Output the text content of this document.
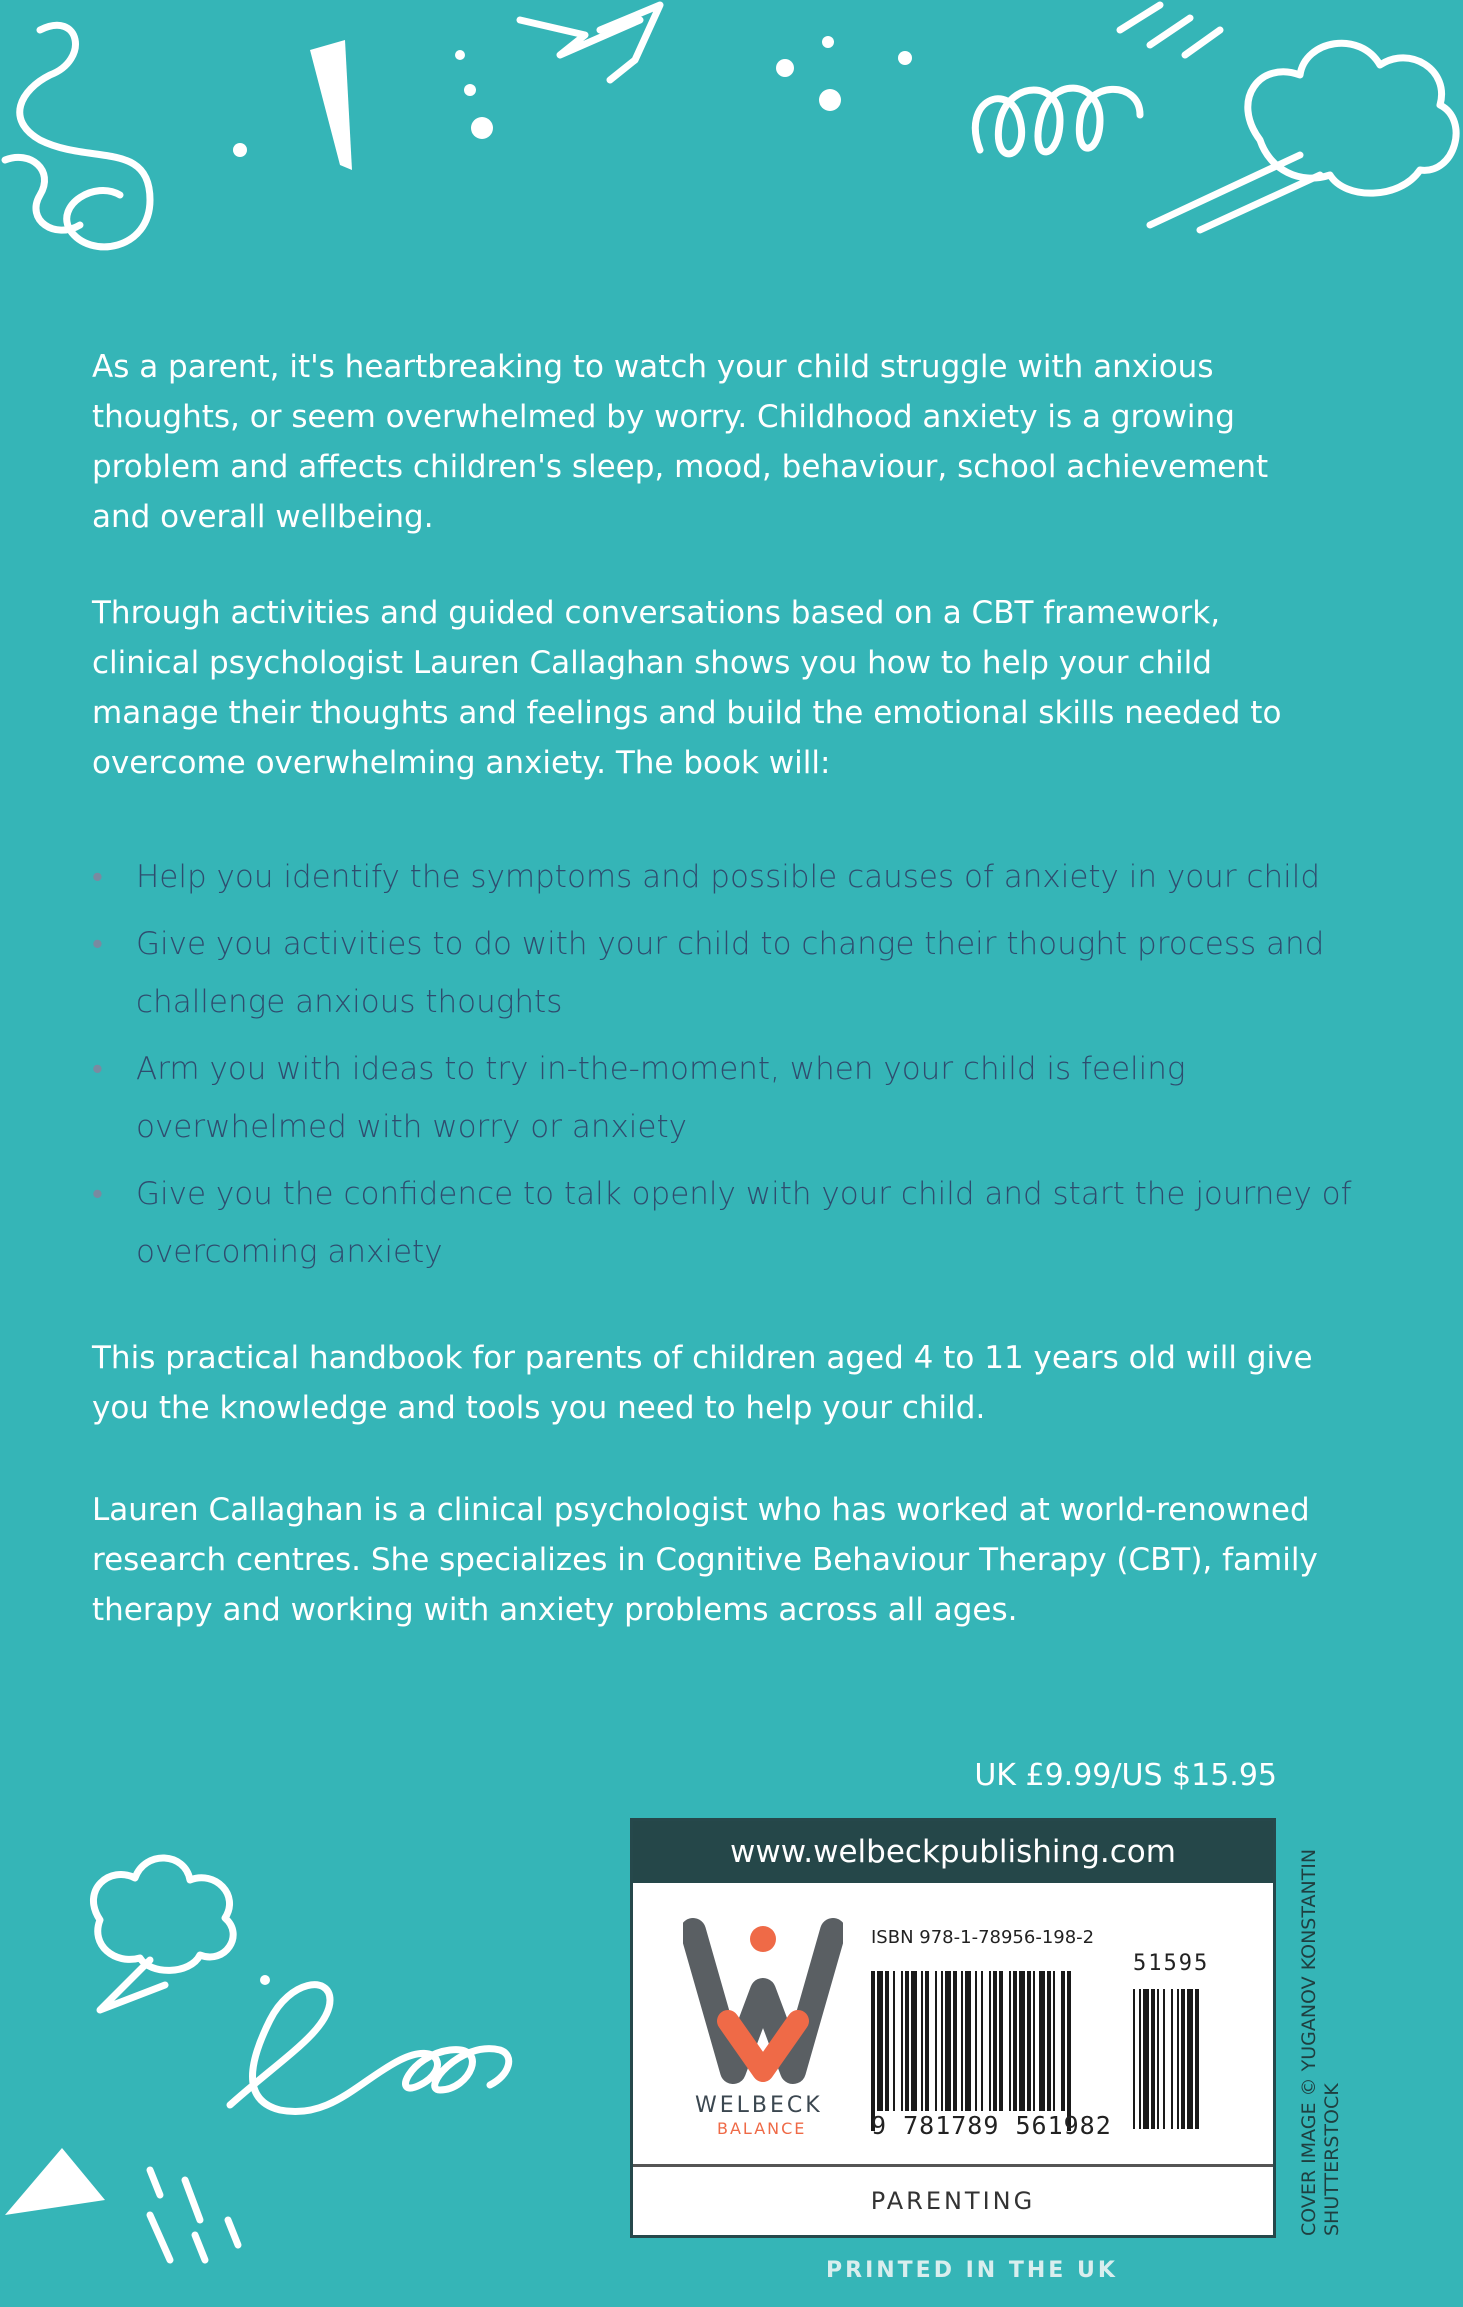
As a parent, it's heartbreaking to watch your child struggle with anxious thoughts, or seem overwhelmed by worry. Childhood anxiety is a growing problem and affects children's sleep, mood, behaviour, school achievement and overall wellbeing.

Through activities and guided conversations based on a CBT framework, clinical psychologist Lauren Callaghan shows you how to help your child manage their thoughts and feelings and build the emotional skills needed to overcome overwhelming anxiety. The book will:

• Help you identify the symptoms and possible causes of anxiety in your child
• Give you activities to do with your child to change their thought process and challenge anxious thoughts
• Arm you with ideas to try in-the-moment, when your child is feeling overwhelmed with worry or anxiety
• Give you the confidence to talk openly with your child and start the journey of overcoming anxiety

This practical handbook for parents of children aged 4 to 11 years old will give you the knowledge and tools you need to help your child.

Lauren Callaghan is a clinical psychologist who has worked at world-renowned research centres. She specializes in Cognitive Behaviour Therapy (CBT), family therapy and working with anxiety problems across all ages.

UK £9.99/US $15.95
www.welbeckpublishing.com
WELBECK
BALANCE
ISBN 978-1-78956-198-2
51595
9 781789 561982
PARENTING	COVER IMAGE © YUGANOV KONSTANTIN SHUTTERSTOCK
PRINTED IN THE UK
